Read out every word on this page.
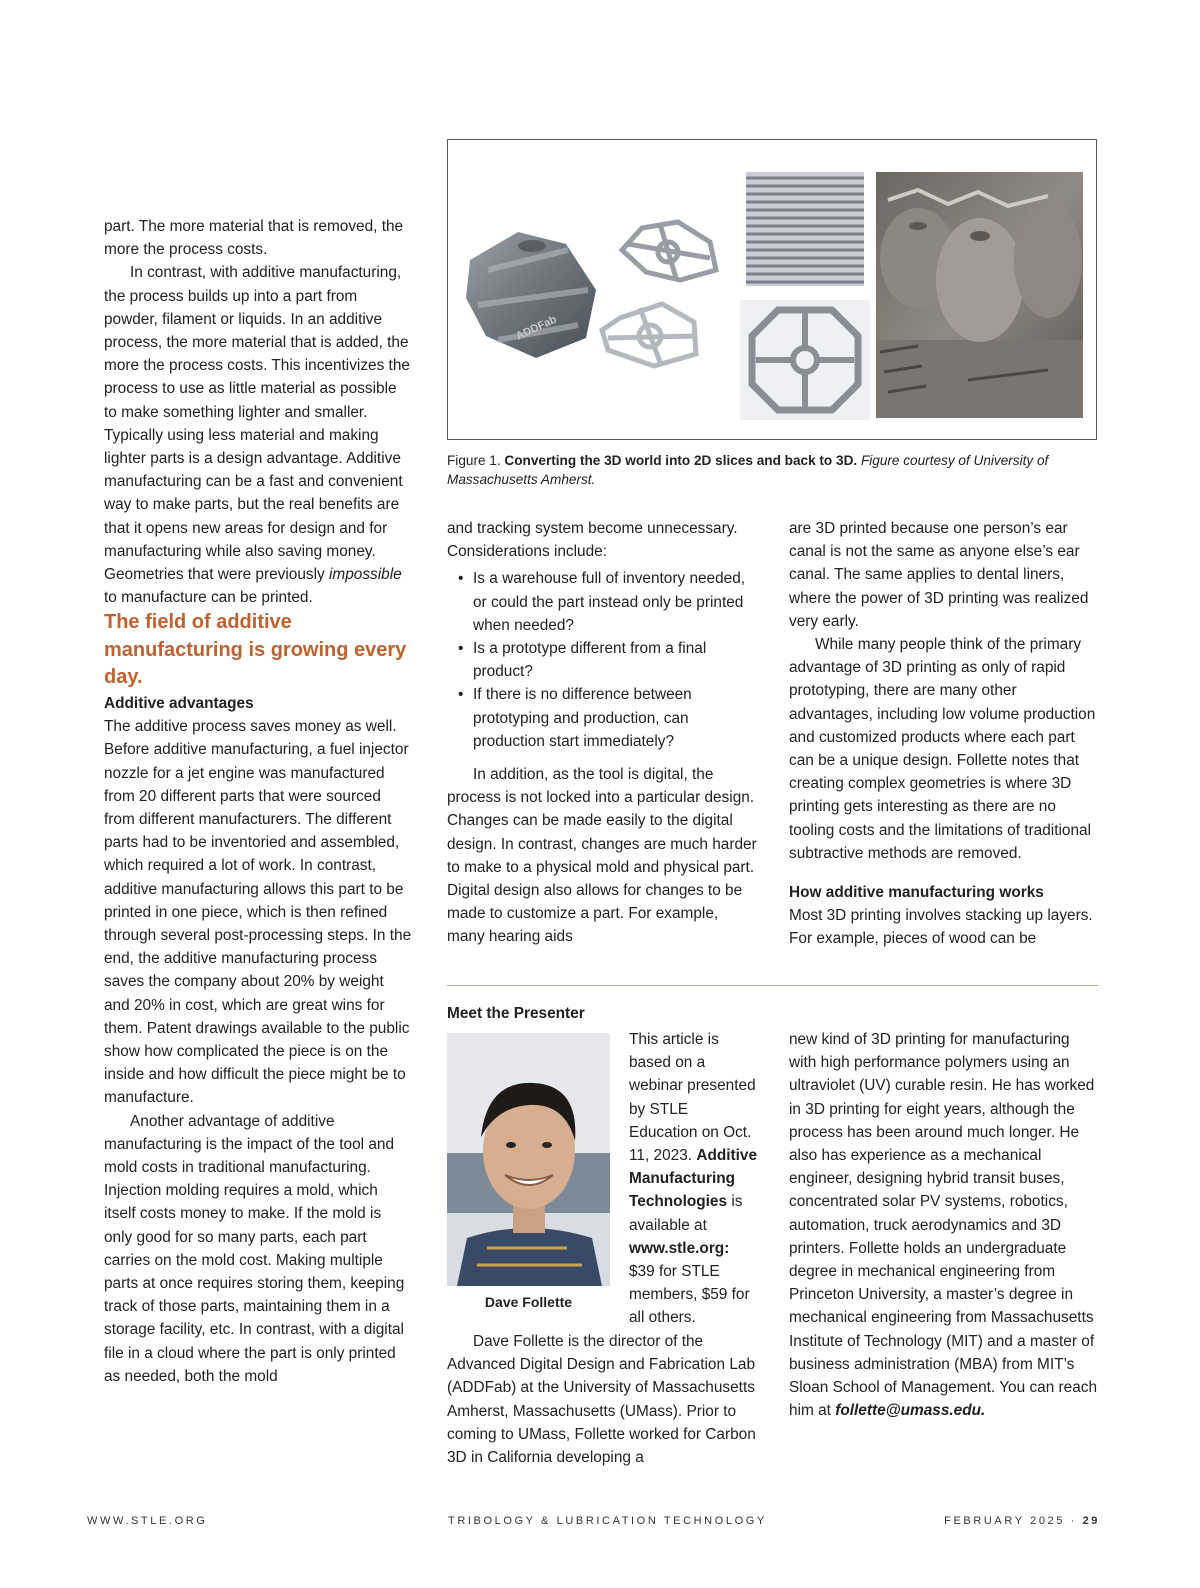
part. The more material that is removed, the more the process costs.

In contrast, with additive manufacturing, the process builds up into a part from powder, filament or liquids. In an additive process, the more material that is added, the more the process costs. This incentivizes the process to use as little material as possible to make something lighter and smaller. Typically using less material and making lighter parts is a design advantage. Additive manufacturing can be a fast and convenient way to make parts, but the real benefits are that it opens new areas for design and for manufacturing while also saving money. Geometries that were previously impossible to manufacture can be printed.

The field of additive manufacturing is growing every day.

Additive advantages

The additive process saves money as well. Before additive manufacturing, a fuel injector nozzle for a jet engine was manufactured from 20 different parts that were sourced from different manufacturers. The different parts had to be inventoried and assembled, which required a lot of work. In contrast, additive manufacturing allows this part to be printed in one piece, which is then refined through several post-processing steps. In the end, the additive manufacturing process saves the company about 20% by weight and 20% in cost, which are great wins for them. Patent drawings available to the public show how complicated the piece is on the inside and how difficult the piece might be to manufacture.

Another advantage of additive manufacturing is the impact of the tool and mold costs in traditional manufacturing. Injection molding requires a mold, which itself costs money to make. If the mold is only good for so many parts, each part carries on the mold cost. Making multiple parts at once requires storing them, keeping track of those parts, maintaining them in a storage facility, etc. In contrast, with a digital file in a cloud where the part is only printed as needed, both the mold

ADDFab
Figure 1. Converting the 3D world into 2D slices and back to 3D. Figure courtesy of University of Massachusetts Amherst.

and tracking system become unnecessary. Considerations include:

• Is a warehouse full of inventory needed, or could the part instead only be printed when needed?
• Is a prototype different from a final product?
• If there is no difference between prototyping and production, can production start immediately?

In addition, as the tool is digital, the process is not locked into a particular design. Changes can be made easily to the digital design. In contrast, changes are much harder to make to a physical mold and physical part. Digital design also allows for changes to be made to customize a part. For example, many hearing aids

are 3D printed because one person’s ear canal is not the same as anyone else’s ear canal. The same applies to dental liners, where the power of 3D printing was realized very early.

While many people think of the primary advantage of 3D printing as only of rapid prototyping, there are many other advantages, including low volume production and customized products where each part can be a unique design. Follette notes that creating complex geometries is where 3D printing gets interesting as there are no tooling costs and the limitations of traditional subtractive methods are removed.

How additive manufacturing works

Most 3D printing involves stacking up layers. For example, pieces of wood can be

Meet the Presenter
Dave Follette
This article is based on a webinar presented by STLE Education on Oct. 11, 2023. Additive Manufacturing Technologies is available at www.stle.org: $39 for STLE members, $59 for all others.
Dave Follette is the director of the Advanced Digital Design and Fabrication Lab (ADDFab) at the University of Massachusetts Amherst, Massachusetts (UMass). Prior to coming to UMass, Follette worked for Carbon 3D in California developing a
new kind of 3D printing for manufacturing with high performance polymers using an ultraviolet (UV) curable resin. He has worked in 3D printing for eight years, although the process has been around much longer. He also has experience as a mechanical engineer, designing hybrid transit buses, concentrated solar PV systems, robotics, automation, truck aerodynamics and 3D printers. Follette holds an undergraduate degree in mechanical engineering from Princeton University, a master’s degree in mechanical engineering from Massachusetts Institute of Technology (MIT) and a master of business administration (MBA) from MIT’s Sloan School of Management. You can reach him at follette@umass.edu.
WWW.STLE.ORG	TRIBOLOGY & LUBRICATION TECHNOLOGY	FEBRUARY 2025 · 29
